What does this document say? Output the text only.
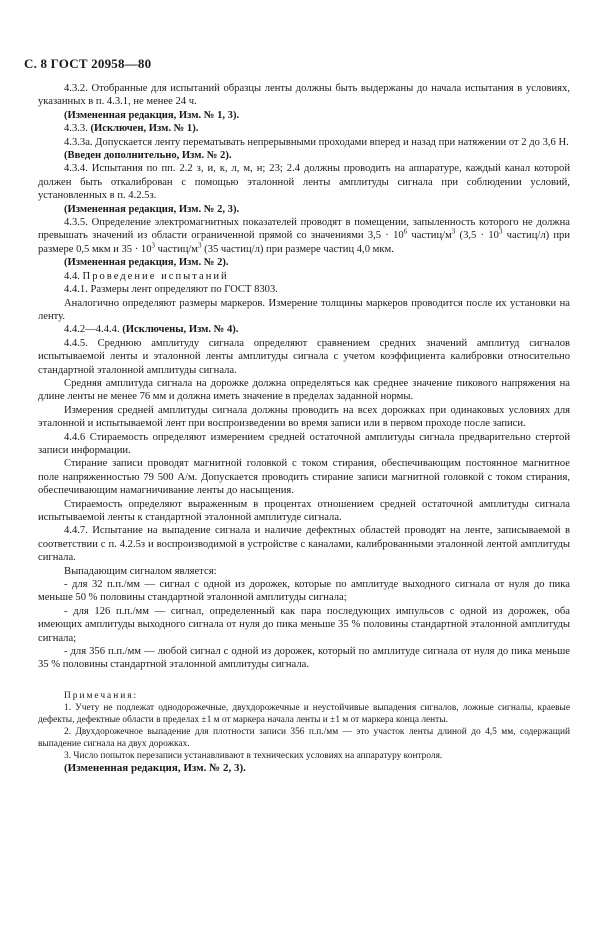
С. 8 ГОСТ 20958—80

4.3.2. Отобранные для испытаний образцы ленты должны быть выдержаны до начала испытания в условиях, указанных в п. 4.3.1, не менее 24 ч.

(Измененная редакция, Изм. № 1, 3).

4.3.3. (Исключен, Изм. № 1).

4.3.3а. Допускается ленту перематывать непрерывными проходами вперед и назад при натяжении от 2 до 3,6 Н.

(Введен дополнительно, Изм. № 2).

4.3.4. Испытания по пп. 2.2 з, и, к, л, м, н; 23; 2.4 должны проводить на аппаратуре, каждый канал которой должен быть откалиброван с помощью эталонной ленты амплитуды сигнала при соблюдении условий, установленных в п. 4.2.5з.

(Измененная редакция, Изм. № 2, 3).

4.3.5. Определение электромагнитных показателей проводят в помещении, запыленность которого не должна превышать значений из области ограниченной прямой со значениями $3,5 \cdot 10^6$ частиц/$м^3$ ($3,5 \cdot 10^3$ частиц/л) при размере 0,5 мкм и $35 \cdot 10^3$ частиц/$м^3$ (35 частиц/л) при размере частиц 4,0 мкм.

(Измененная редакция, Изм. № 2).

4.4. Проведение испытаний

4.4.1. Размеры лент определяют по ГОСТ 8303.

Аналогично определяют размеры маркеров. Измерение толщины маркеров проводится после их установки на ленту.

4.4.2—4.4.4. (Исключены, Изм. № 4).

4.4.5. Среднюю амплитуду сигнала определяют сравнением средних значений амплитуд сигналов испытываемой ленты и эталонной ленты амплитуды сигнала с учетом коэффициента калибровки относительно стандартной эталонной амплитуды сигнала.

Средняя амплитуда сигнала на дорожке должна определяться как среднее значение пикового напряжения на длине ленты не менее 76 мм и должна иметь значение в пределах заданной нормы.

Измерения средней амплитуды сигнала должны проводить на всех дорожках при одинаковых условиях для эталонной и испытываемой лент при воспроизведении во время записи или в первом проходе после записи.

4.4.6 Стираемость определяют измерением средней остаточной амплитуды сигнала предварительно стертой записи информации.

Стирание записи проводят магнитной головкой с током стирания, обеспечивающим постоянное магнитное поле напряженностью 79 500 А/м. Допускается проводить стирание записи магнитной головкой с током стирания, обеспечивающим намагничивание ленты до насыщения.

Стираемость определяют выраженным в процентах отношением средней остаточной амплитуды сигнала испытываемой ленты к стандартной эталонной амплитуде сигнала.

4.4.7. Испытание на выпадение сигнала и наличие дефектных областей проводят на ленте, записываемой в соответствии с п. 4.2.5з и воспроизводимой в устройстве с каналами, калиброванными эталонной лентой амплитуды сигнала.

Выпадающим сигналом является:

- для 32 п.п./мм — сигнал с одной из дорожек, которые по амплитуде выходного сигнала от нуля до пика меньше 50 % половины стандартной эталонной амплитуды сигнала;

- для 126 п.п./мм — сигнал, определенный как пара последующих импульсов с одной из дорожек, оба имеющих амплитуды выходного сигнала от нуля до пика меньше 35 % половины стандартной эталонной амплитуды сигнала;

- для 356 п.п./мм — любой сигнал с одной из дорожек, который по амплитуде сигнала от нуля до пика меньше 35 % половины стандартной эталонной амплитуды сигнала.

Примечания:

1. Учету не подлежат однодорожечные, двухдорожечные и неустойчивые выпадения сигналов, ложные сигналы, краевые дефекты, дефектные области в пределах ±1 м от маркера начала ленты и ±1 м от маркера конца ленты.

2. Двухдорожечное выпадение для плотности записи 356 п.п./мм — это участок ленты длиной до 4,5 мм, содержащий выпадение сигнала на двух дорожках.

3. Число попыток перезаписи устанавливают в технических условиях на аппаратуру контроля.

(Измененная редакция, Изм. № 2, 3).
